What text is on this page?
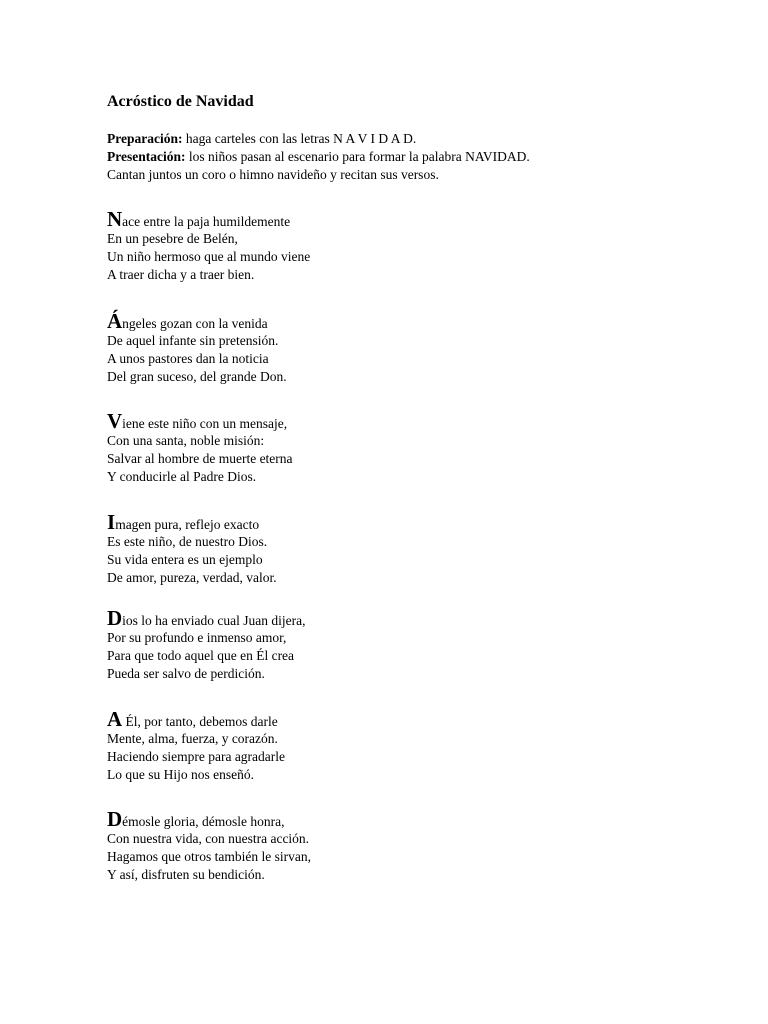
Acróstico de Navidad
Preparación: haga carteles con las letras N A V I D A D.
Presentación: los niños pasan al escenario para formar la palabra NAVIDAD.
Cantan juntos un coro o himno navideño y recitan sus versos.
Nace entre la paja humildemente
En un pesebre de Belén,
Un niño hermoso que al mundo viene
A traer dicha y a traer bien.
Ángeles gozan con la venida
De aquel infante sin pretensión.
A unos pastores dan la noticia
Del gran suceso, del grande Don.
Viene este niño con un mensaje,
Con una santa, noble misión:
Salvar al hombre de muerte eterna
Y conducirle al Padre Dios.
Imagen pura, reflejo exacto
Es este niño, de nuestro Dios.
Su vida entera es un ejemplo
De amor, pureza, verdad, valor.
Dios lo ha enviado cual Juan dijera,
Por su profundo e inmenso amor,
Para que todo aquel que en Él crea
Pueda ser salvo de perdición.
A Él, por tanto, debemos darle
Mente, alma, fuerza, y corazón.
Haciendo siempre para agradarle
Lo que su Hijo nos enseñó.
Démosle gloria, démosle honra,
Con nuestra vida, con nuestra acción.
Hagamos que otros también le sirvan,
Y así, disfruten su bendición.
